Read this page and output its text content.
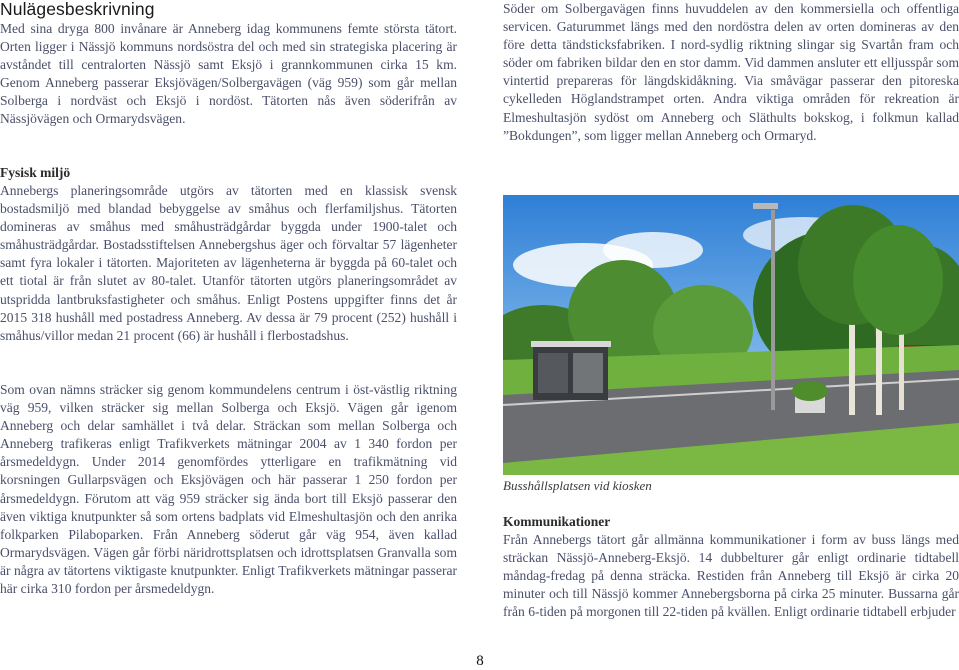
Nulägesbeskrivning

Med sina dryga 800 invånare är Anneberg idag kommunens femte största tätort. Orten ligger i Nässjö kommuns nordsöstra del och med sin strategiska placering är avståndet till centralorten Nässjö samt Eksjö i grannkommunen cirka 15 km. Genom Anneberg passerar Eksjövägen/Solbergavägen (väg 959) som går mellan Solberga i nordväst och Eksjö i nordöst. Tätorten nås även söderifrån av Nässjövägen och Ormarydsvägen.

Fysisk miljö

Annebergs planeringsområde utgörs av tätorten med en klassisk svensk bostadsmiljö med blandad bebyggelse av småhus och flerfamiljshus. Tätorten domineras av småhus med småhusträdgårdar byggda under 1900-talet och småhusträdgårdar. Bostadsstiftelsen Annebergshus äger och förvaltar 57 lägenheter samt fyra lokaler i tätorten. Majoriteten av lägenheterna är byggda på 60-talet och ett tiotal är från slutet av 80-talet. Utanför tätorten utgörs planeringsområdet av utspridda lantbruksfastigheter och småhus. Enligt Postens uppgifter finns det år 2015 318 hushåll med postadress Anneberg. Av dessa är 79 procent (252) hushåll i småhus/villor medan 21 procent (66) är hushåll i flerbostadshus.

Som ovan nämns sträcker sig genom kommundelens centrum i öst-västlig riktning väg 959, vilken sträcker sig mellan Solberga och Eksjö. Vägen går igenom Anneberg och delar samhället i två delar. Sträckan som mellan Solberga och Anneberg trafikeras enligt Trafikverkets mätningar 2004 av 1 340 fordon per årsmedeldygn. Under 2014 genomfördes ytterligare en trafikmätning vid korsningen Gullarpsvägen och Eksjövägen och här passerar 1 250 fordon per årsmedeldygn. Förutom att väg 959 sträcker sig ända bort till Eksjö passerar den även viktiga knutpunkter så som ortens badplats vid Elmeshultasjön och den anrika folkparken Pilaboparken. Från Anneberg söderut går väg 954, även kallad Ormarydsvägen. Vägen går förbi näridrottsplatsen och idrottsplatsen Granvalla som är några av tätortens viktigaste knutpunkter. Enligt Trafikverkets mätningar passerar här cirka 310 fordon per årsmedeldygn.

Söder om Solbergavägen finns huvuddelen av den kommersiella och offentliga servicen. Gaturummet längs med den nordöstra delen av orten domineras av den före detta tändsticksfabriken. I nord-sydlig riktning slingar sig Svartån fram och söder om fabriken bildar den en stor damm. Vid dammen ansluter ett elljusspår som vintertid prepareras för längdskidåkning. Via småvägar passerar den pitoreska cykelleden Höglandstrampet orten. Andra viktiga områden för rekreation är Elmeshultasjön sydöst om Anneberg och Släthults bokskog, i folkmun kallad ”Bokdungen”, som ligger mellan Anneberg och Ormaryd.

Busshållsplatsen vid kiosken
Kommunikationer

Från Annebergs tätort går allmänna kommunikationer i form av buss längs med sträckan Nässjö-Anneberg-Eksjö. 14 dubbelturer går enligt ordinarie tidtabell måndag-fredag på denna sträcka. Restiden från Anneberg till Eksjö är cirka 20 minuter och till Nässjö kommer Annebergsborna på cirka 25 minuter. Bussarna går från 6-tiden på morgonen till 22-tiden på kvällen. Enligt ordinarie tidtabell erbjuder

8
